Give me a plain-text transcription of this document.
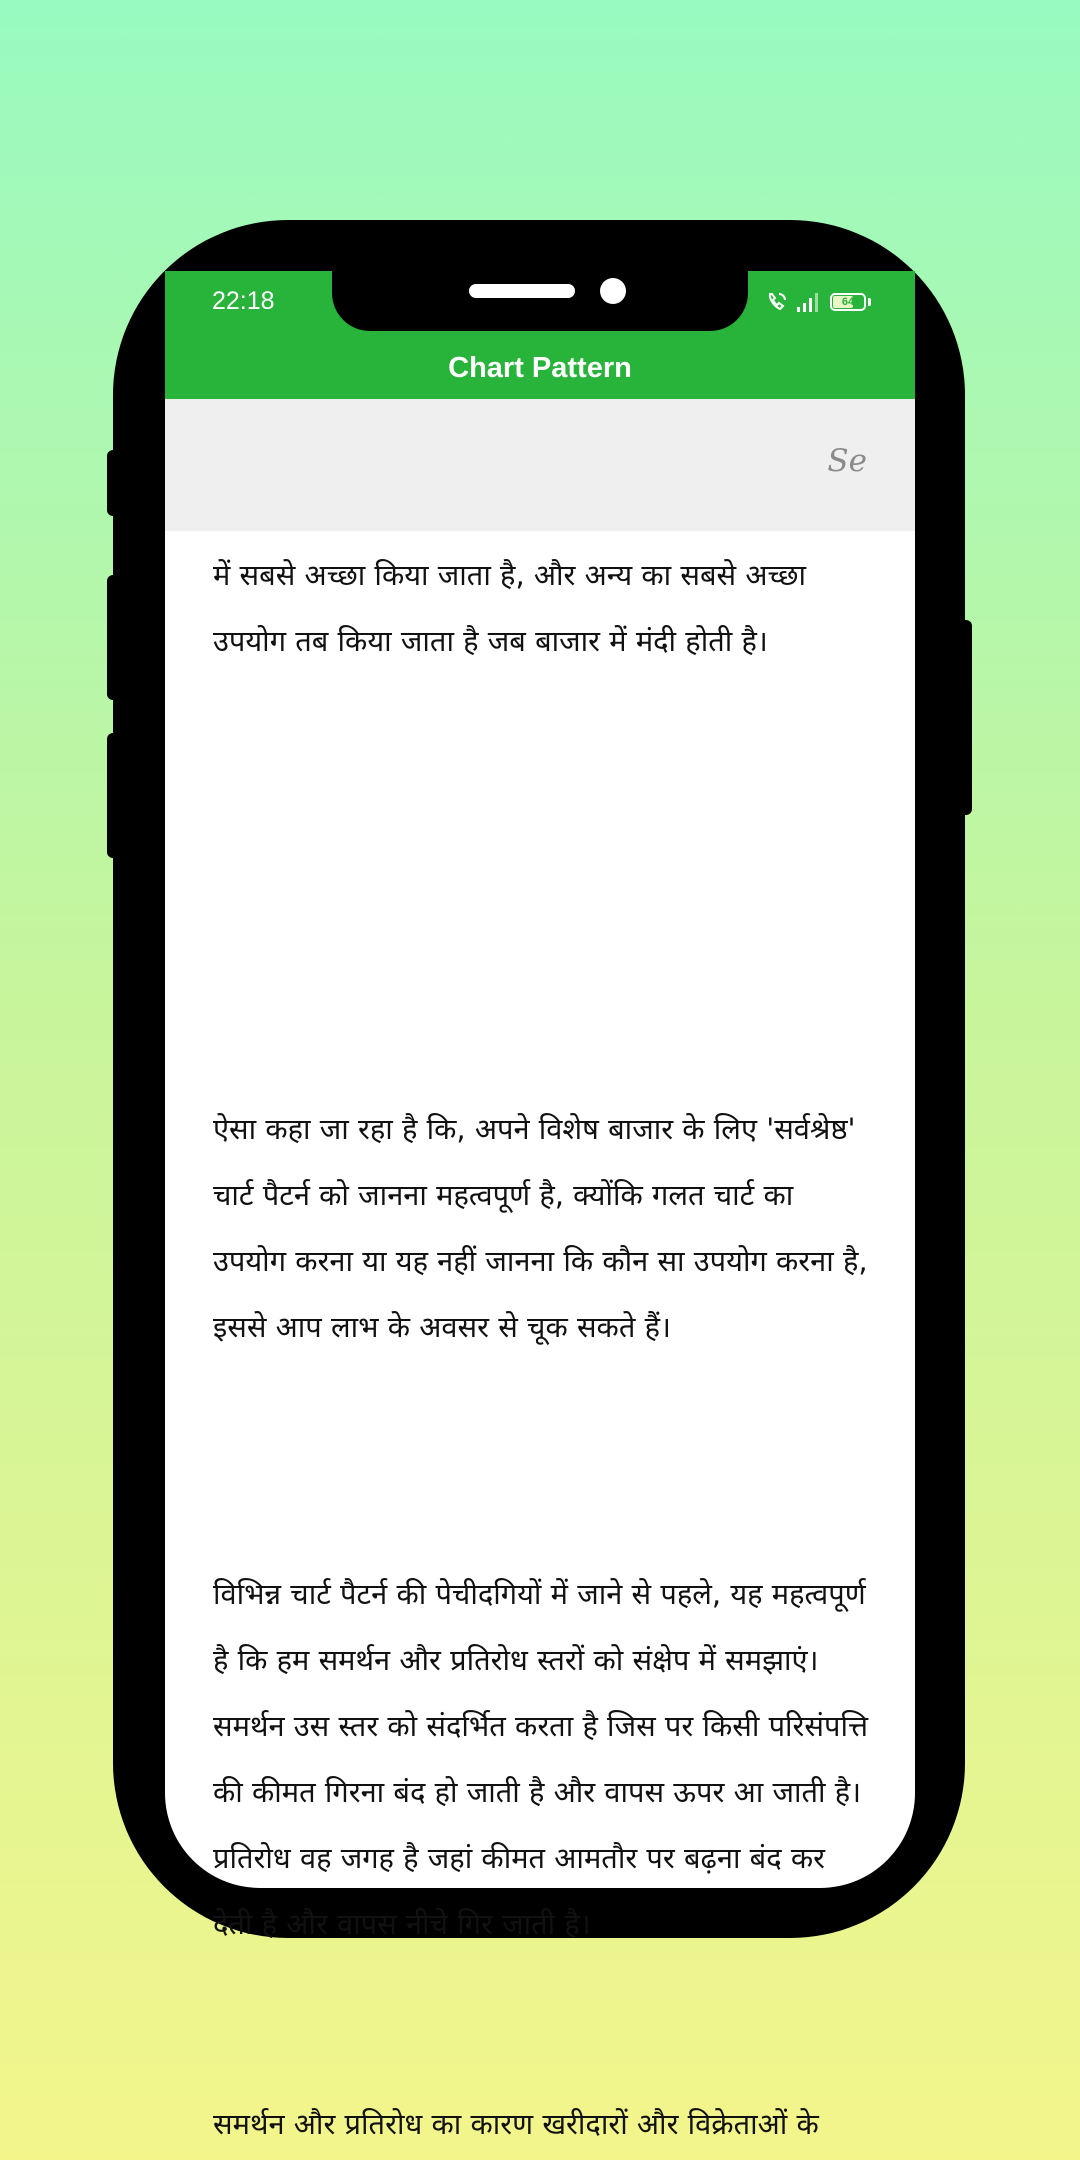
22:18	64
Chart Pattern
Se

में सबसे अच्छा किया जाता है, और अन्य का सबसे अच्छा उपयोग तब किया जाता है जब बाजार में मंदी होती है।

ऐसा कहा जा रहा है कि, अपने विशेष बाजार के लिए 'सर्वश्रेष्ठ' चार्ट पैटर्न को जानना महत्वपूर्ण है, क्योंकि गलत चार्ट का उपयोग करना या यह नहीं जानना कि कौन सा उपयोग करना है, इससे आप लाभ के अवसर से चूक सकते हैं।

विभिन्न चार्ट पैटर्न की पेचीदगियों में जाने से पहले, यह महत्वपूर्ण है कि हम समर्थन और प्रतिरोध स्तरों को संक्षेप में समझाएं। समर्थन उस स्तर को संदर्भित करता है जिस पर किसी परिसंपत्ति की कीमत गिरना बंद हो जाती है और वापस ऊपर आ जाती है। प्रतिरोध वह जगह है जहां कीमत आमतौर पर बढ़ना बंद कर देती है और वापस नीचे गिर जाती है।

समर्थन और प्रतिरोध का कारण खरीदारों और विक्रेताओं के
